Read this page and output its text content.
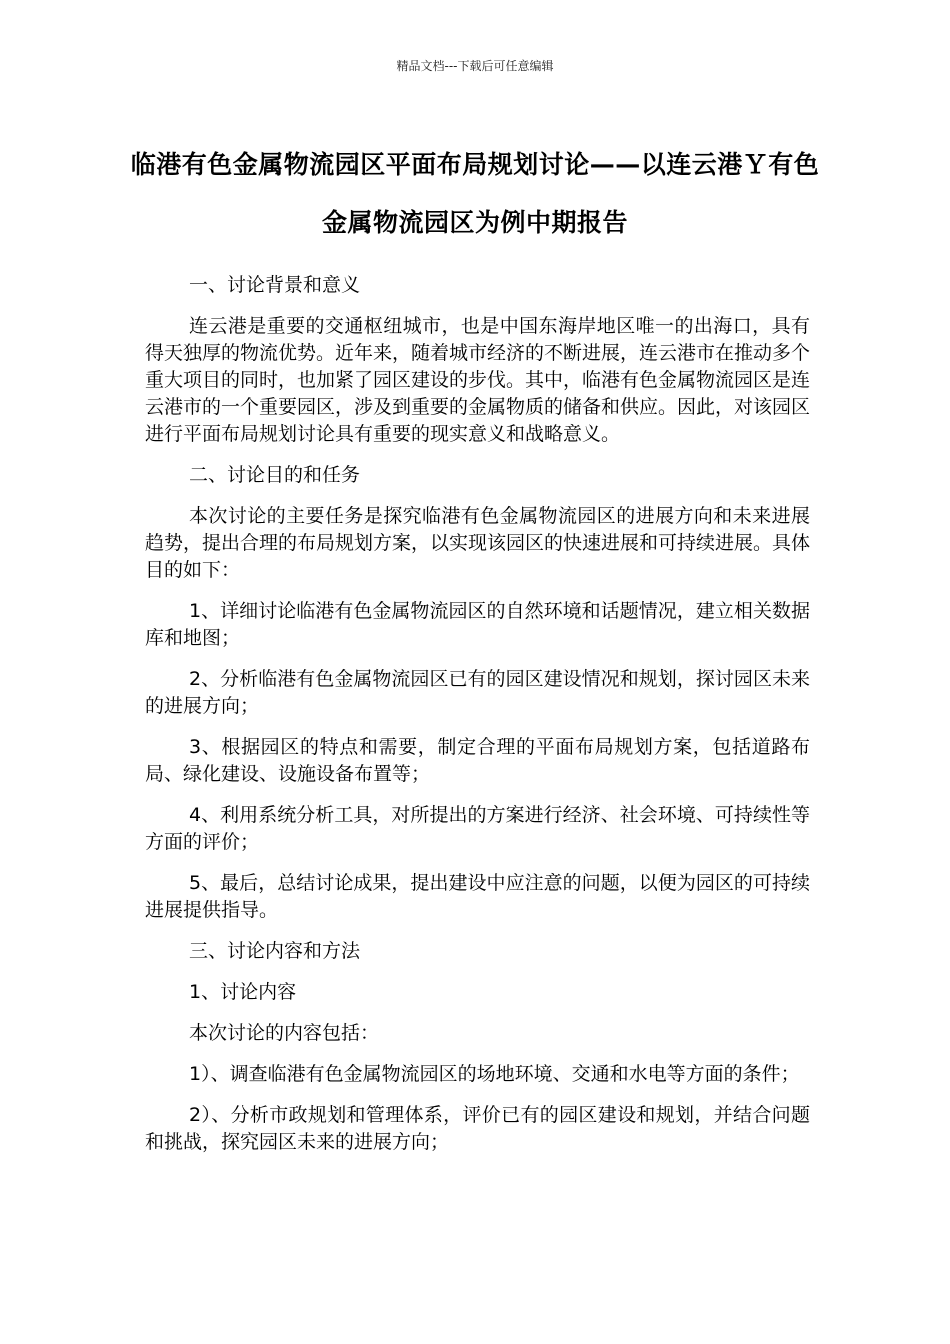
精品文档---下载后可任意编辑
临港有色金属物流园区平面布局规划讨论——以连云港Ｙ有色金属物流园区为例中期报告

一、讨论背景和意义

连云港是重要的交通枢纽城市，也是中国东海岸地区唯一的出海口，具有得天独厚的物流优势。近年来，随着城市经济的不断进展，连云港市在推动多个重大项目的同时，也加紧了园区建设的步伐。其中，临港有色金属物流园区是连云港市的一个重要园区，涉及到重要的金属物质的储备和供应。因此，对该园区进行平面布局规划讨论具有重要的现实意义和战略意义。

二、讨论目的和任务

本次讨论的主要任务是探究临港有色金属物流园区的进展方向和未来进展趋势，提出合理的布局规划方案，以实现该园区的快速进展和可持续进展。具体目的如下：

1、详细讨论临港有色金属物流园区的自然环境和话题情况，建立相关数据库和地图；

2、分析临港有色金属物流园区已有的园区建设情况和规划，探讨园区未来的进展方向；

3、根据园区的特点和需要，制定合理的平面布局规划方案，包括道路布局、绿化建设、设施设备布置等；

4、利用系统分析工具，对所提出的方案进行经济、社会环境、可持续性等方面的评价；

5、最后，总结讨论成果，提出建设中应注意的问题，以便为园区的可持续进展提供指导。

三、讨论内容和方法

1、讨论内容

本次讨论的内容包括：

1）、调查临港有色金属物流园区的场地环境、交通和水电等方面的条件；

2）、分析市政规划和管理体系，评价已有的园区建设和规划，并结合问题和挑战，探究园区未来的进展方向；
